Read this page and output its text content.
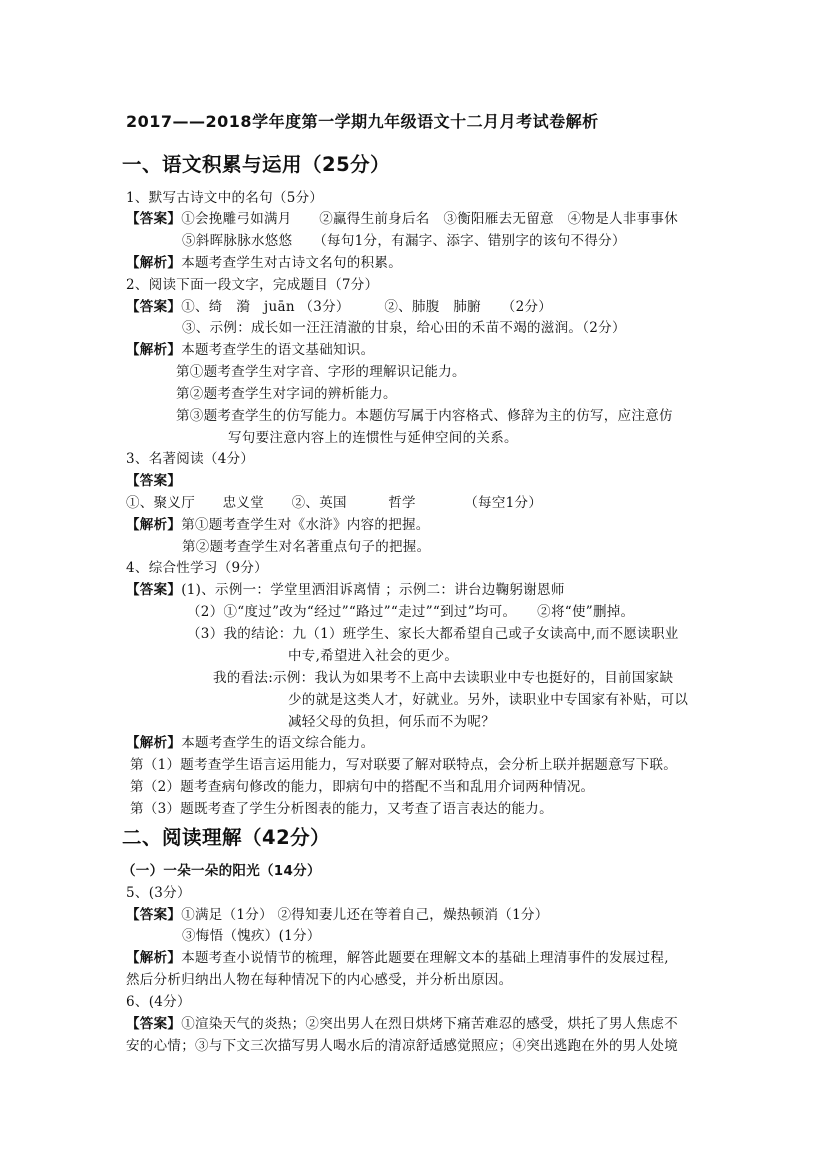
2017——2018学年度第一学期九年级语文十二月月考试卷解析
一、语文积累与运用（25分）
1、默写古诗文中的名句（5分）
【答案】①会挽雕弓如满月　　②赢得生前身后名　③衡阳雁去无留意　④物是人非事事休
⑤斜晖脉脉水悠悠　　（每句1分，有漏字、添字、错别字的该句不得分）
【解析】本题考查学生对古诗文名句的积累。
2、阅读下面一段文字，完成题目（7分）
【答案】①、绮　漪　juān （3分）　　　②、肺腹　肺腑　　（2分）
③、示例：成长如一汪汪清澈的甘泉，给心田的禾苗不竭的滋润。（2分）
【解析】本题考查学生的语文基础知识。
第①题考查学生对字音、字形的理解识记能力。
第②题考查学生对字词的辨析能力。
第③题考查学生的仿写能力。本题仿写属于内容格式、修辞为主的仿写，应注意仿
写句要注意内容上的连惯性与延伸空间的关系。
3、名著阅读（4分）
【答案】
①、聚义厅　　忠义堂　　②、英国　　　哲学　　　　（每空1分）
【解析】第①题考查学生对《水浒》内容的把握。
第②题考查学生对名著重点句子的把握。
4、综合性学习（9分）
【答案】(1)、示例一：学堂里洒泪诉离情 ；示例二：讲台边鞠躬谢恩师
（2）①“度过”改为“经过”“路过”“走过”“到过”均可。　　②将“使”删掉。
（3）我的结论：九（1）班学生、家长大都希望自己或子女读高中,而不愿读职业
中专,希望进入社会的更少。
我的看法:示例：我认为如果考不上高中去读职业中专也挺好的，目前国家缺
少的就是这类人才，好就业。另外，读职业中专国家有补贴，可以
减轻父母的负担，何乐而不为呢？
【解析】本题考查学生的语文综合能力。
第（1）题考查学生语言运用能力，写对联要了解对联特点，会分析上联并据题意写下联。
第（2）题考查病句修改的能力，即病句中的搭配不当和乱用介词两种情况。
第（3）题既考查了学生分析图表的能力，又考查了语言表达的能力。
二、阅读理解（42分）
（一）一朵一朵的阳光（14分）
5、(3分）
【答案】①满足（1分） ②得知妻儿还在等着自己，燥热顿消（1分）
③悔悟（愧疚）(1分）
【解析】本题考查小说情节的梳理，解答此题要在理解文本的基础上理清事件的发展过程,
然后分析归纳出人物在每种情况下的内心感受，并分析出原因。
6、(4分）
【答案】①渲染天气的炎热；②突出男人在烈日烘烤下痛苦难忍的感受，烘托了男人焦虑不
安的心情；③与下文三次描写男人喝水后的清凉舒适感觉照应；④突出逃跑在外的男人处境
